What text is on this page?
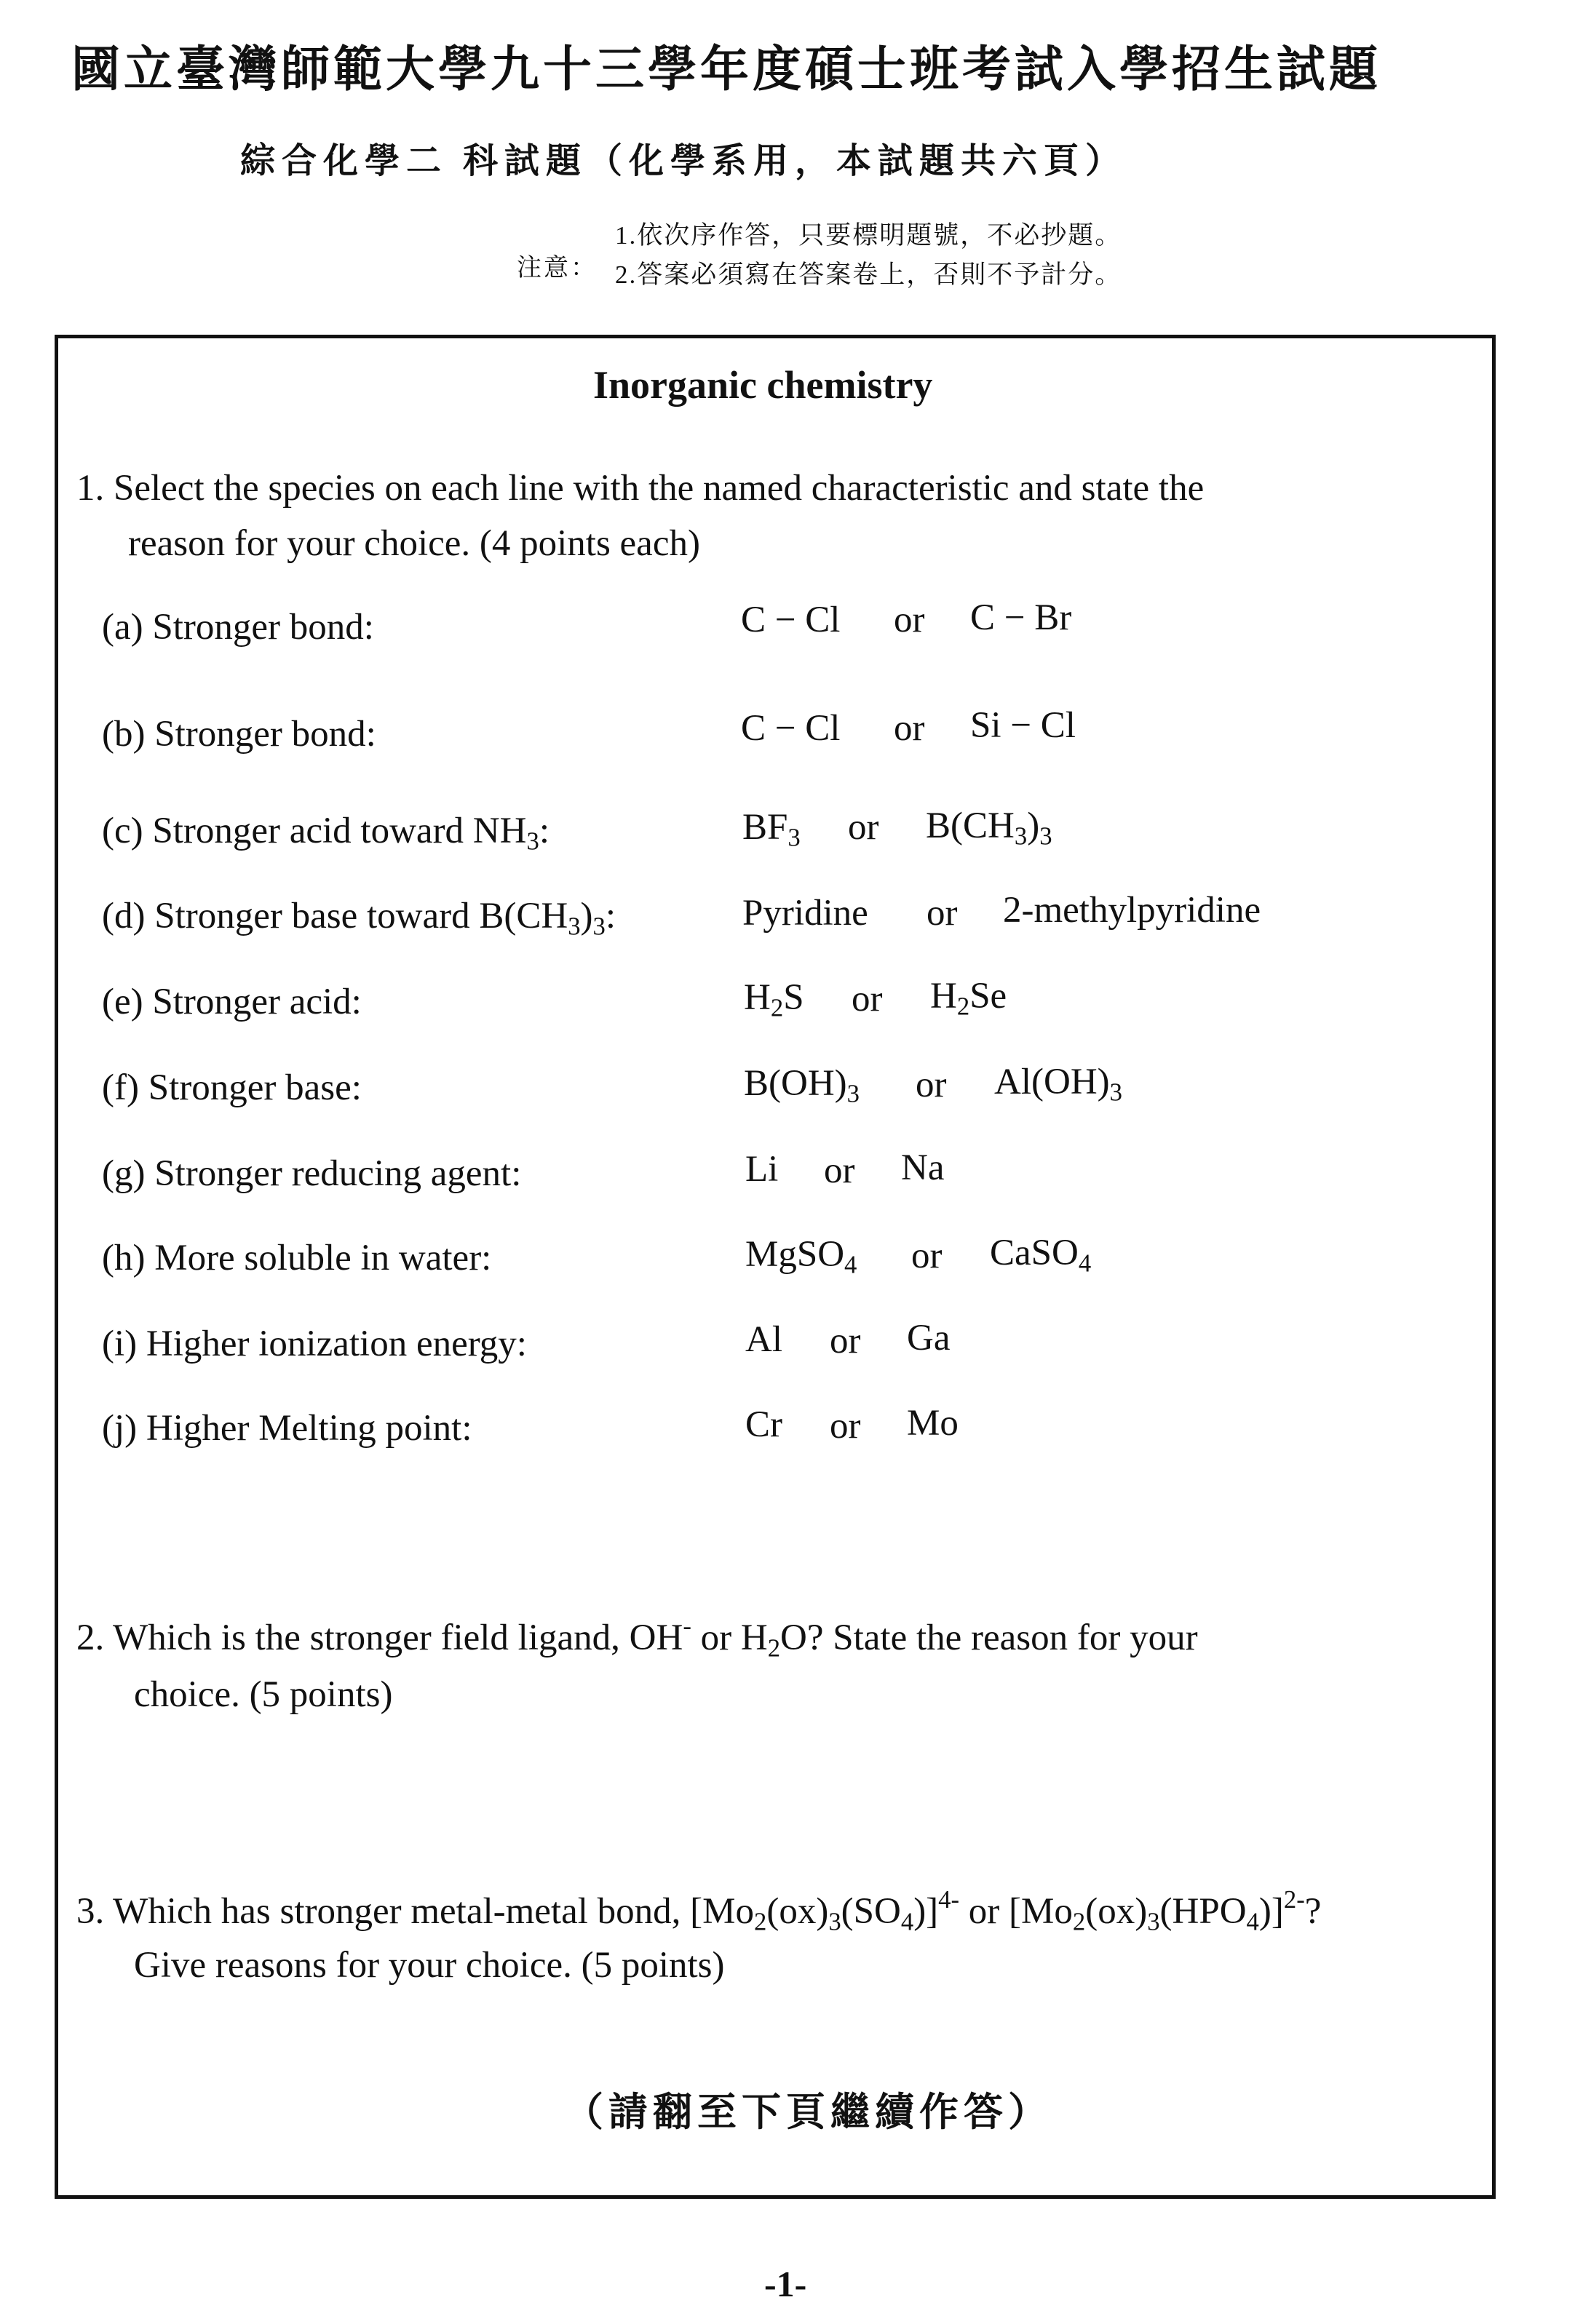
國立臺灣師範大學九十三學年度碩士班考試入學招生試題
綜合化學二 科試題（化學系用，本試題共六頁）
注意：
1.依次序作答，只要標明題號，不必抄題。
2.答案必須寫在答案卷上，否則不予計分。
Inorganic chemistry
1. Select the species on each line with the named characteristic and state the
reason for your choice. (4 points each)
(a) Stronger bond:	C − Cl or C − Br
(b) Stronger bond:	C − Cl or Si − Cl
(c) Stronger acid toward $NH_3$:	$BF_3$ or $B(CH_3)_3$
(d) Stronger base toward $B(CH_3)_3$:	Pyridine or 2-methylpyridine
(e) Stronger acid:	$H_2S$ or $H_2Se$
(f) Stronger base:	$B(OH)_3$ or $Al(OH)_3$
(g) Stronger reducing agent:	Li or Na
(h) More soluble in water:	MgSO$_4$ or CaSO$_4$
(i) Higher ionization energy:	Al or Ga
(j) Higher Melting point:	Cr or Mo
2. Which is the stronger field ligand, OH- or $H_2O$? State the reason for your
choice. (5 points)
3. Which has stronger metal-metal bond, $[Mo_2(ox)_3(SO_4)]^{4-}$ or $[Mo_2(ox)_3(HPO_4)]^{2-}$?
Give reasons for your choice. (5 points)
（請翻至下頁繼續作答）
-1-
